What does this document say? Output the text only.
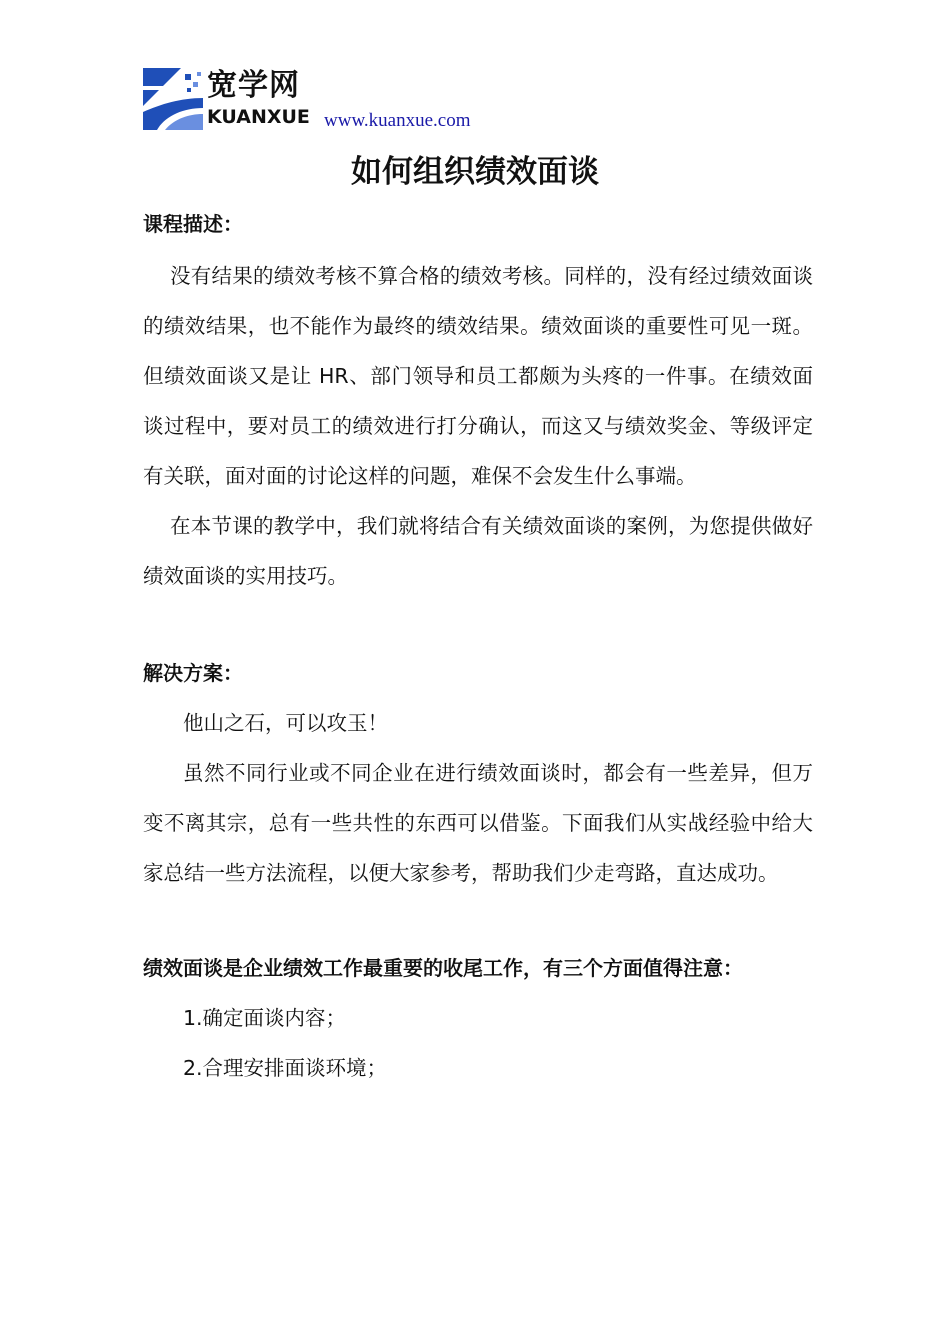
宽学网
KUANXUE www.kuanxue.com
如何组织绩效面谈

课程描述：

没有结果的绩效考核不算合格的绩效考核。同样的，没有经过绩效面谈的绩效结果，也不能作为最终的绩效结果。绩效面谈的重要性可见一斑。但绩效面谈又是让 HR、部门领导和员工都颇为头疼的一件事。在绩效面谈过程中，要对员工的绩效进行打分确认，而这又与绩效奖金、等级评定有关联，面对面的讨论这样的问题，难保不会发生什么事端。

在本节课的教学中，我们就将结合有关绩效面谈的案例，为您提供做好绩效面谈的实用技巧。

解决方案：

他山之石，可以攻玉！

虽然不同行业或不同企业在进行绩效面谈时，都会有一些差异，但万变不离其宗，总有一些共性的东西可以借鉴。下面我们从实战经验中给大家总结一些方法流程，以便大家参考，帮助我们少走弯路，直达成功。

绩效面谈是企业绩效工作最重要的收尾工作，有三个方面值得注意：

1.确定面谈内容；

2.合理安排面谈环境；
